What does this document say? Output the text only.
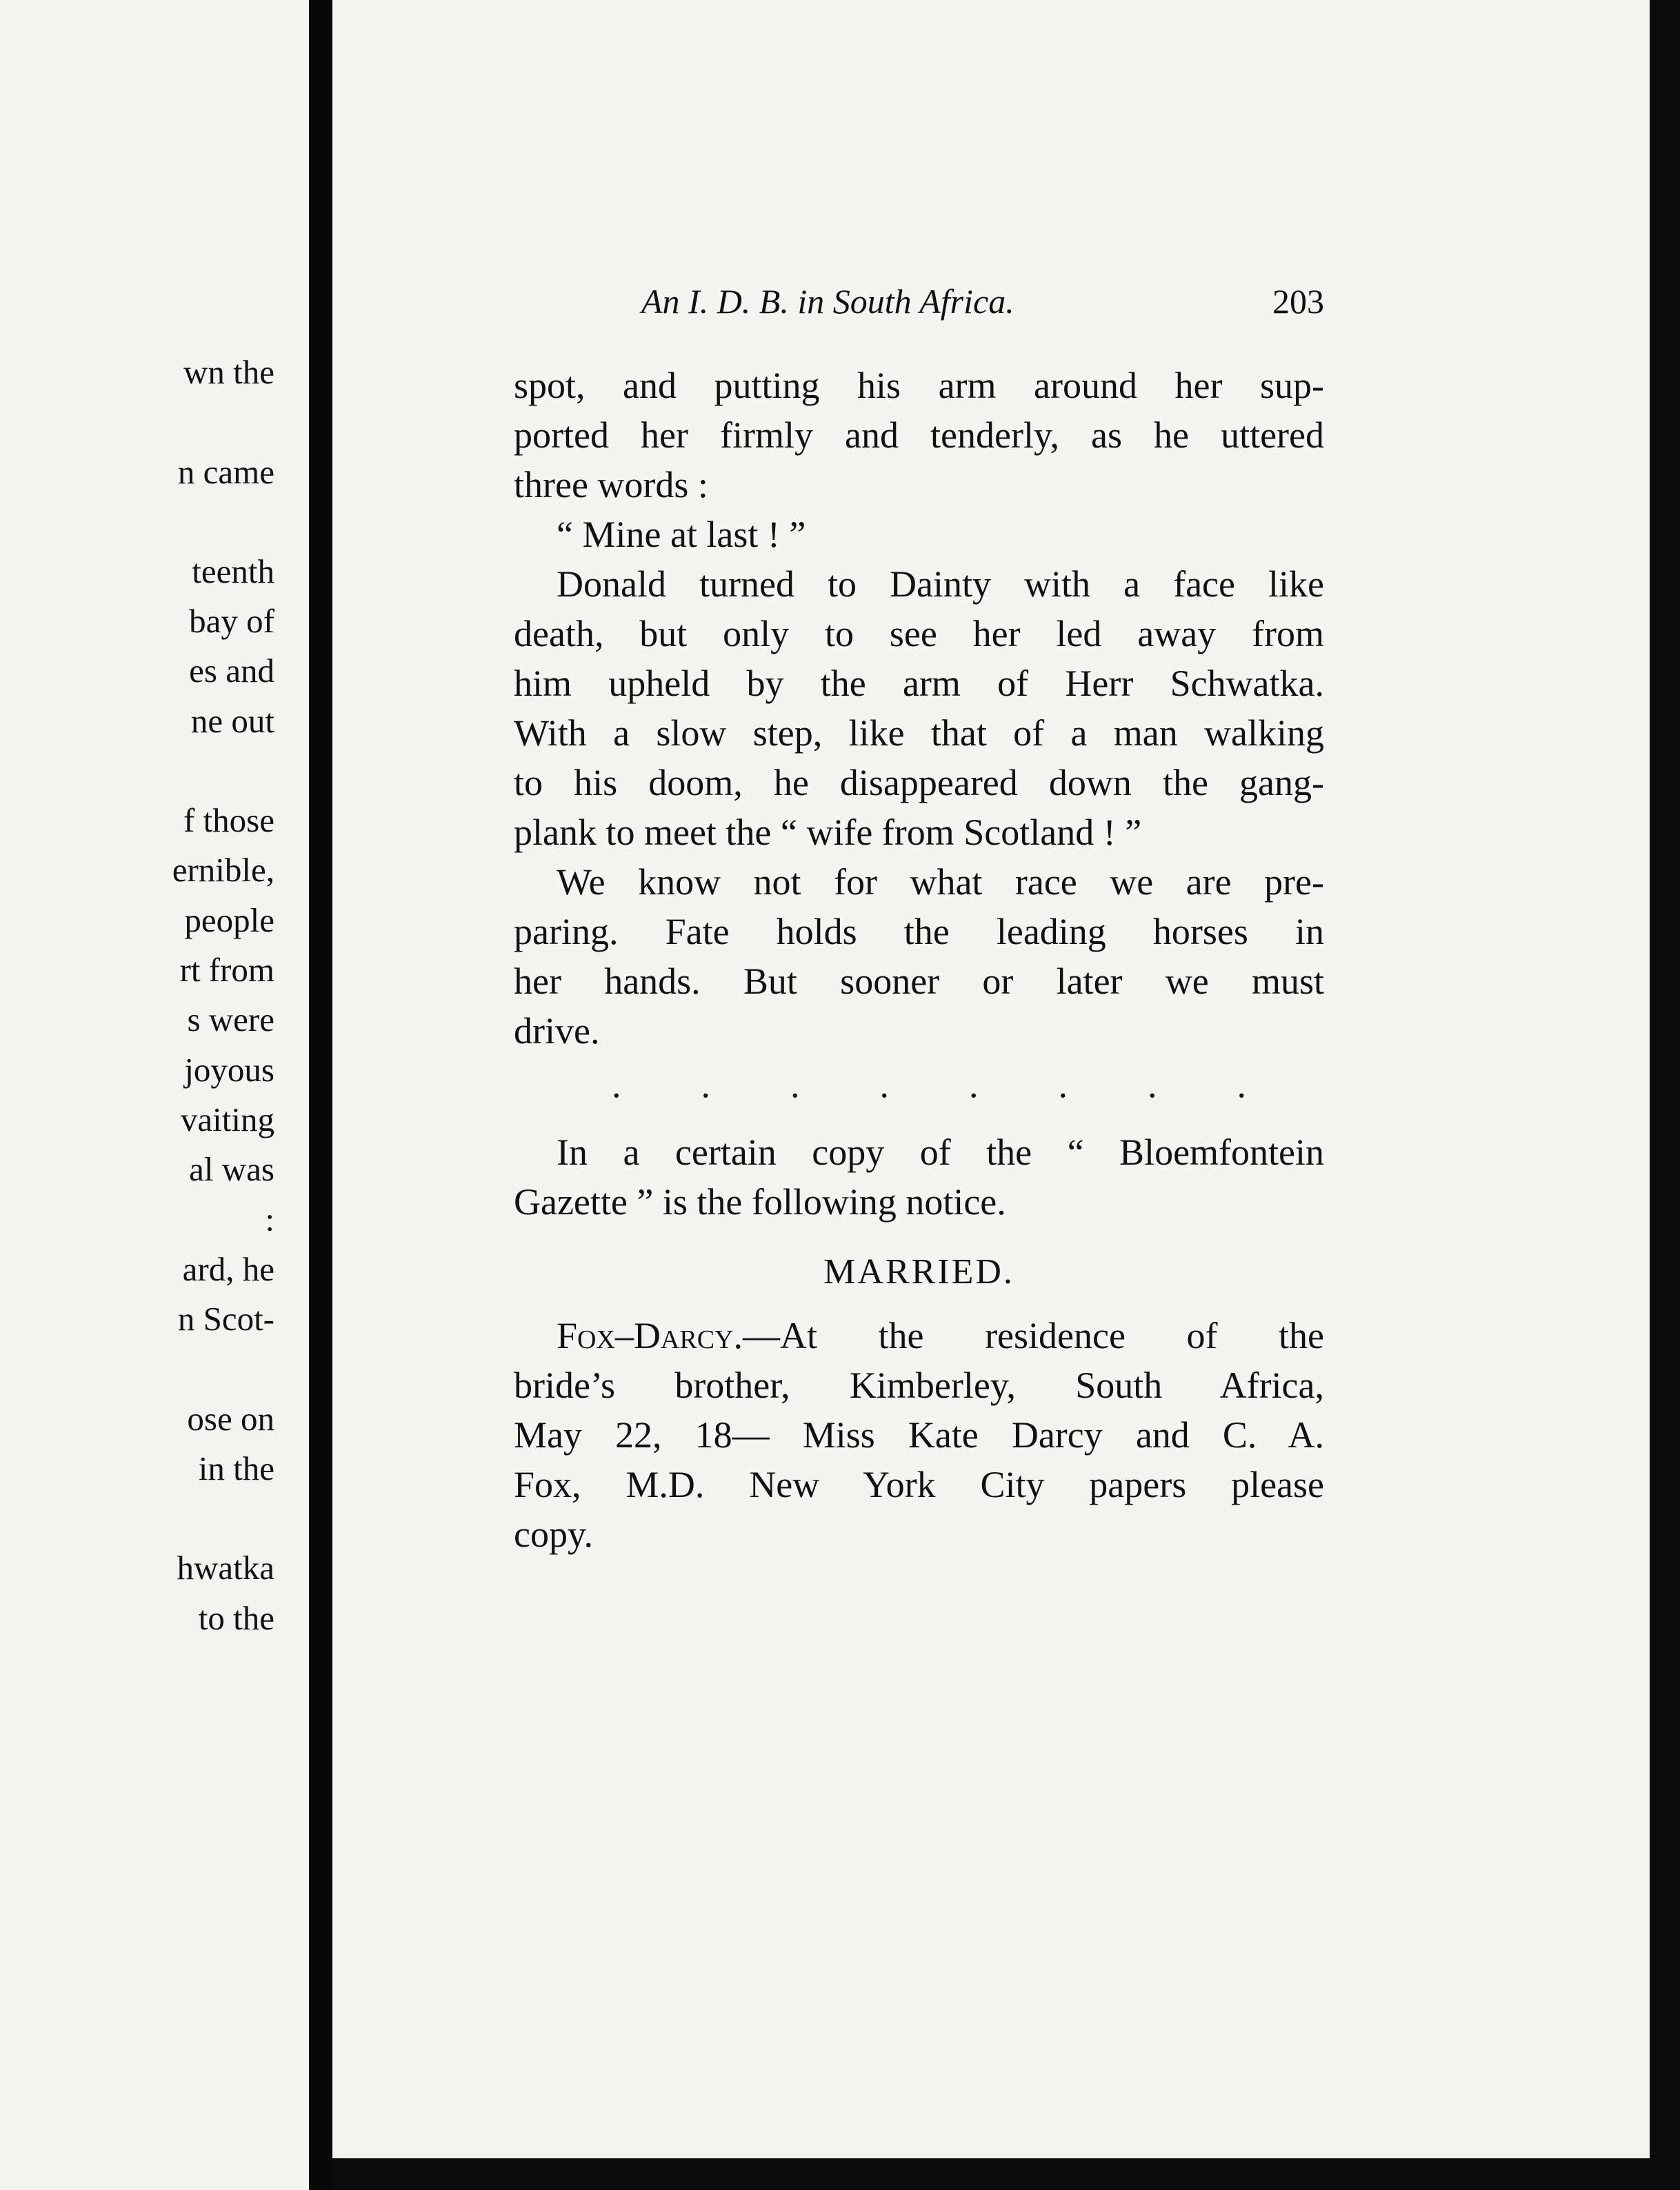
wn the
n came
teenth
bay of
es and
ne out
f those
ernible,
people
rt from
s were
joyous
vaiting
al was
:
ard, he
n Scot-
ose on
in the
hwatka
to the
An I. D. B. in South Africa.	203

spot, and putting his arm around her sup-
ported her firmly and tenderly, as he uttered
three words :

“ Mine at last ! ”

Donald turned to Dainty with a face like
death, but only to see her led away from
him upheld by the arm of Herr Schwatka.
With a slow step, like that of a man walking
to his doom, he disappeared down the gang-
plank to meet the “ wife from Scotland ! ”

We know not for what race we are pre-
paring. Fate holds the leading horses in
her hands. But sooner or later we must
drive.

. . . . . . . .

In a certain copy of the “ Bloemfontein
Gazette ” is the following notice.

MARRIED.

Fox–Darcy.—At the residence of the
bride’s brother, Kimberley, South Africa,
May 22, 18— Miss Kate Darcy and C. A.
Fox, M.D. New York City papers please
copy.
